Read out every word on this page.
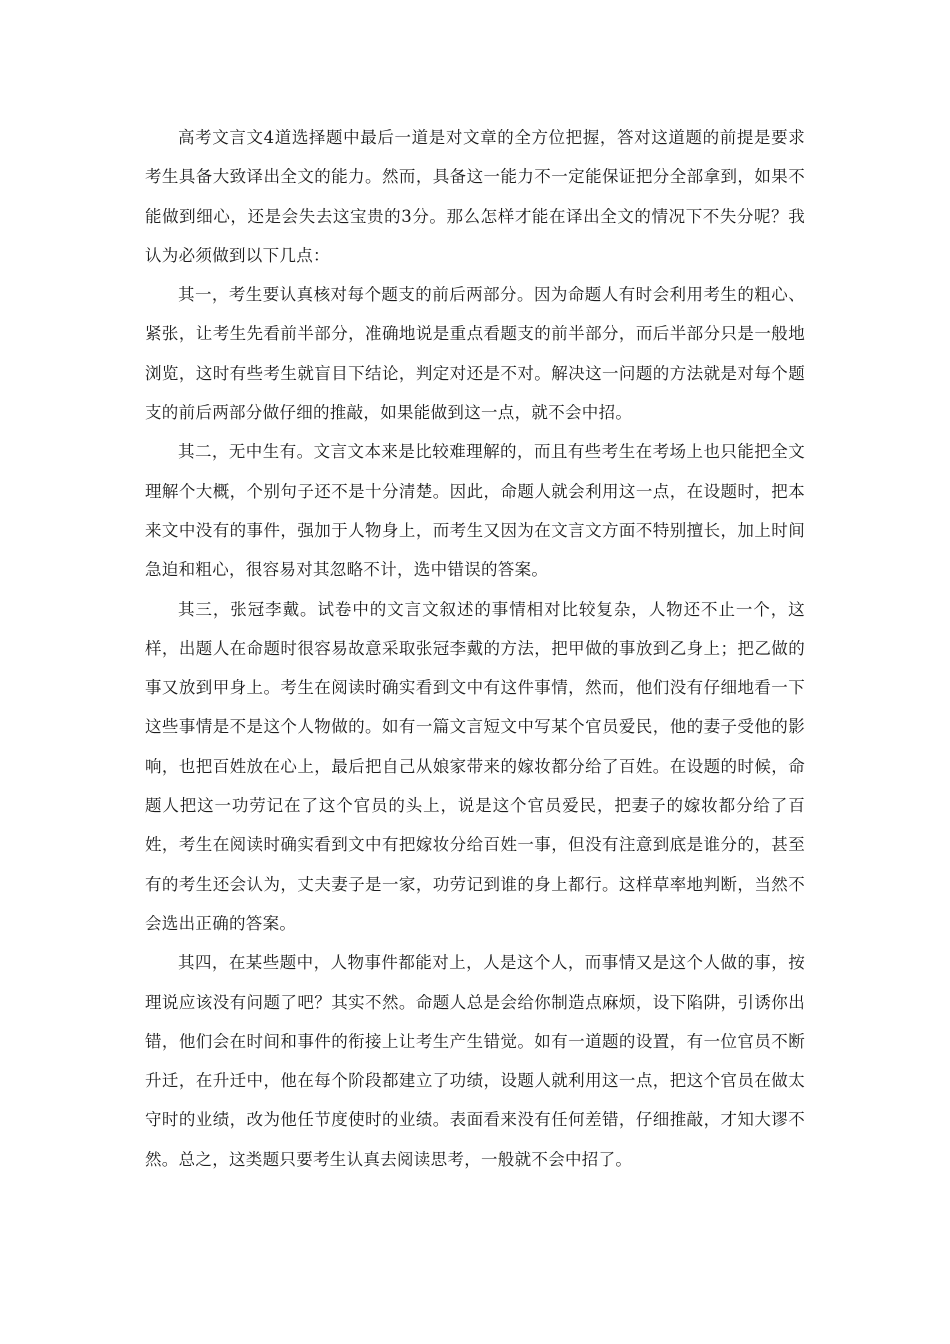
高考文言文4道选择题中最后一道是对文章的全方位把握，答对这道题的前提是要求考生具备大致译出全文的能力。然而，具备这一能力不一定能保证把分全部拿到，如果不能做到细心，还是会失去这宝贵的3分。那么怎样才能在译出全文的情况下不失分呢？我认为必须做到以下几点：

其一，考生要认真核对每个题支的前后两部分。因为命题人有时会利用考生的粗心、紧张，让考生先看前半部分，准确地说是重点看题支的前半部分，而后半部分只是一般地浏览，这时有些考生就盲目下结论，判定对还是不对。解决这一问题的方法就是对每个题支的前后两部分做仔细的推敲，如果能做到这一点，就不会中招。

其二，无中生有。文言文本来是比较难理解的，而且有些考生在考场上也只能把全文理解个大概，个别句子还不是十分清楚。因此，命题人就会利用这一点，在设题时，把本来文中没有的事件，强加于人物身上，而考生又因为在文言文方面不特别擅长，加上时间急迫和粗心，很容易对其忽略不计，选中错误的答案。

其三，张冠李戴。试卷中的文言文叙述的事情相对比较复杂，人物还不止一个，这样，出题人在命题时很容易故意采取张冠李戴的方法，把甲做的事放到乙身上；把乙做的事又放到甲身上。考生在阅读时确实看到文中有这件事情，然而，他们没有仔细地看一下这些事情是不是这个人物做的。如有一篇文言短文中写某个官员爱民，他的妻子受他的影响，也把百姓放在心上，最后把自己从娘家带来的嫁妆都分给了百姓。在设题的时候，命题人把这一功劳记在了这个官员的头上，说是这个官员爱民，把妻子的嫁妆都分给了百姓，考生在阅读时确实看到文中有把嫁妆分给百姓一事，但没有注意到底是谁分的，甚至有的考生还会认为，丈夫妻子是一家，功劳记到谁的身上都行。这样草率地判断，当然不会选出正确的答案。

其四，在某些题中，人物事件都能对上，人是这个人，而事情又是这个人做的事，按理说应该没有问题了吧？其实不然。命题人总是会给你制造点麻烦，设下陷阱，引诱你出错，他们会在时间和事件的衔接上让考生产生错觉。如有一道题的设置，有一位官员不断升迁，在升迁中，他在每个阶段都建立了功绩，设题人就利用这一点，把这个官员在做太守时的业绩，改为他任节度使时的业绩。表面看来没有任何差错，仔细推敲，才知大谬不然。总之，这类题只要考生认真去阅读思考，一般就不会中招了。
